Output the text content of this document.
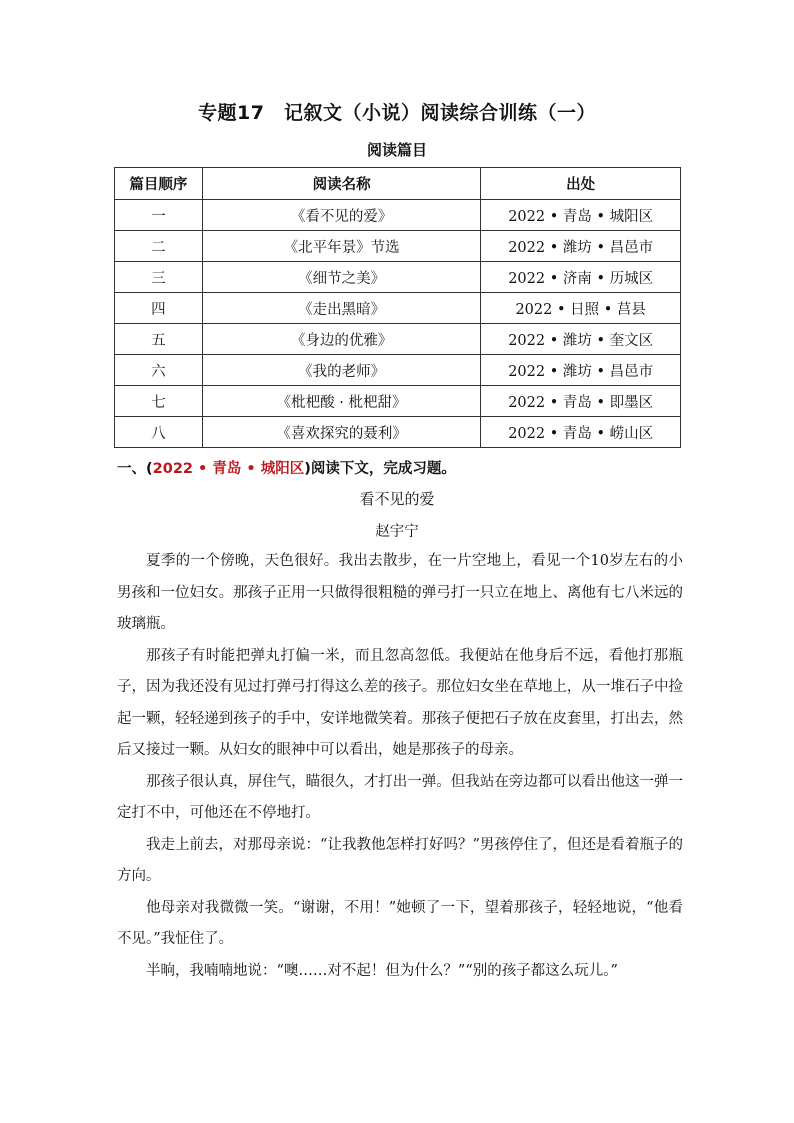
专题17　记叙文（小说）阅读综合训练（一）
阅读篇目
篇目顺序	阅读名称	出处
一	《看不见的爱》	2022 • 青岛 • 城阳区
二	《北平年景》节选	2022 • 潍坊 • 昌邑市
三	《细节之美》	2022 • 济南 • 历城区
四	《走出黑暗》	2022 • 日照 • 莒县
五	《身边的优雅》	2022 • 潍坊 • 奎文区
六	《我的老师》	2022 • 潍坊 • 昌邑市
七	《枇杷酸 · 枇杷甜》	2022 • 青岛 • 即墨区
八	《喜欢探究的聂利》	2022 • 青岛 • 崂山区
一、(2022 • 青岛 • 城阳区)阅读下文，完成习题。
看不见的爱
赵宇宁

夏季的一个傍晚，天色很好。我出去散步，在一片空地上，看见一个10岁左右的小男孩和一位妇女。那孩子正用一只做得很粗糙的弹弓打一只立在地上、离他有七八米远的玻璃瓶。

那孩子有时能把弹丸打偏一米，而且忽高忽低。我便站在他身后不远，看他打那瓶子，因为我还没有见过打弹弓打得这么差的孩子。那位妇女坐在草地上，从一堆石子中捡起一颗，轻轻递到孩子的手中，安详地微笑着。那孩子便把石子放在皮套里，打出去，然后又接过一颗。从妇女的眼神中可以看出，她是那孩子的母亲。

那孩子很认真，屏住气，瞄很久，才打出一弹。但我站在旁边都可以看出他这一弹一定打不中，可他还在不停地打。

我走上前去，对那母亲说：“让我教他怎样打好吗？”男孩停住了，但还是看着瓶子的方向。

他母亲对我微微一笑。“谢谢，不用！”她顿了一下，望着那孩子，轻轻地说，“他看不见。”我怔住了。

半晌，我喃喃地说：“噢……对不起！但为什么？”“别的孩子都这么玩儿。”
